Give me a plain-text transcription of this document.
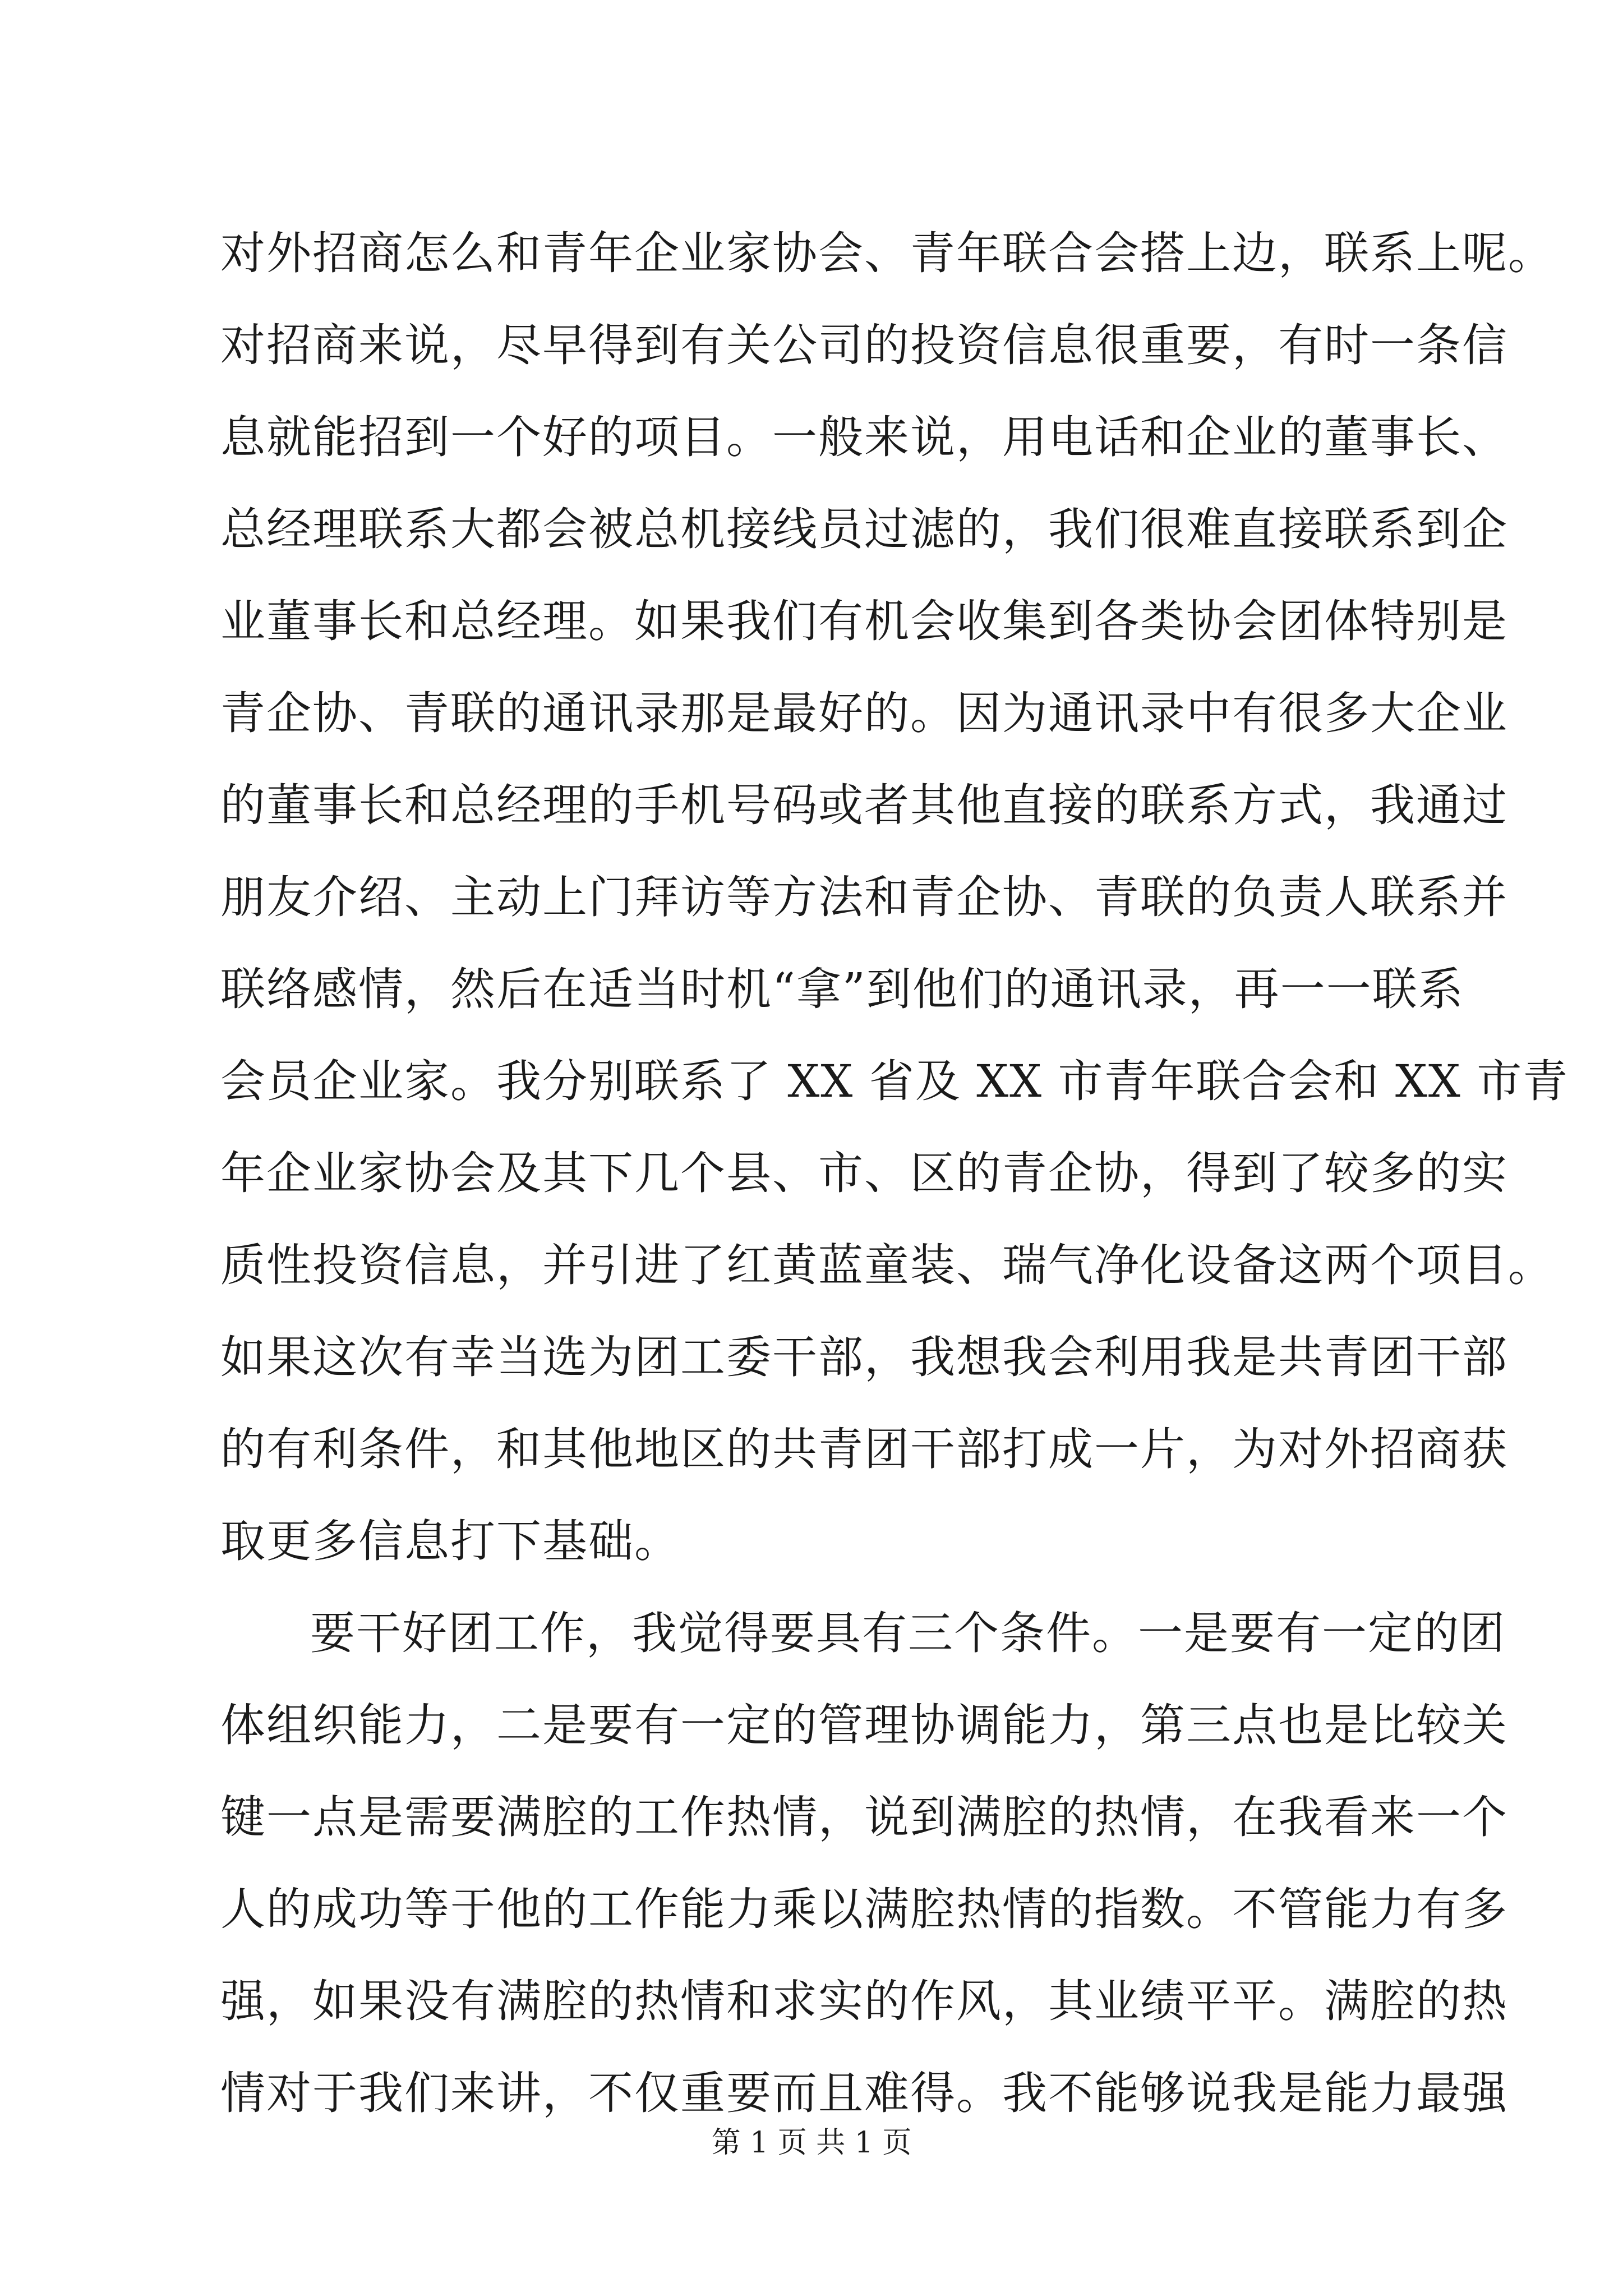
对外招商怎么和青年企业家协会、青年联合会搭上边，联系上呢。
对招商来说，尽早得到有关公司的投资信息很重要，有时一条信
息就能招到一个好的项目。一般来说，用电话和企业的董事长、
总经理联系大都会被总机接线员过滤的，我们很难直接联系到企
业董事长和总经理。如果我们有机会收集到各类协会团体特别是
青企协、青联的通讯录那是最好的。因为通讯录中有很多大企业
的董事长和总经理的手机号码或者其他直接的联系方式，我通过
朋友介绍、主动上门拜访等方法和青企协、青联的负责人联系并
联络感情，然后在适当时机“拿”到他们的通讯录，再一一联系
会员企业家。我分别联系了 XX 省及 XX 市青年联合会和 XX 市青
年企业家协会及其下几个县、市、区的青企协，得到了较多的实
质性投资信息，并引进了红黄蓝童装、瑞气净化设备这两个项目。
如果这次有幸当选为团工委干部，我想我会利用我是共青团干部
的有利条件，和其他地区的共青团干部打成一片，为对外招商获
取更多信息打下基础。
要干好团工作，我觉得要具有三个条件。一是要有一定的团
体组织能力，二是要有一定的管理协调能力，第三点也是比较关
键一点是需要满腔的工作热情，说到满腔的热情，在我看来一个
人的成功等于他的工作能力乘以满腔热情的指数。不管能力有多
强，如果没有满腔的热情和求实的作风，其业绩平平。满腔的热
情对于我们来讲，不仅重要而且难得。我不能够说我是能力最强
第 1 页 共 1 页
